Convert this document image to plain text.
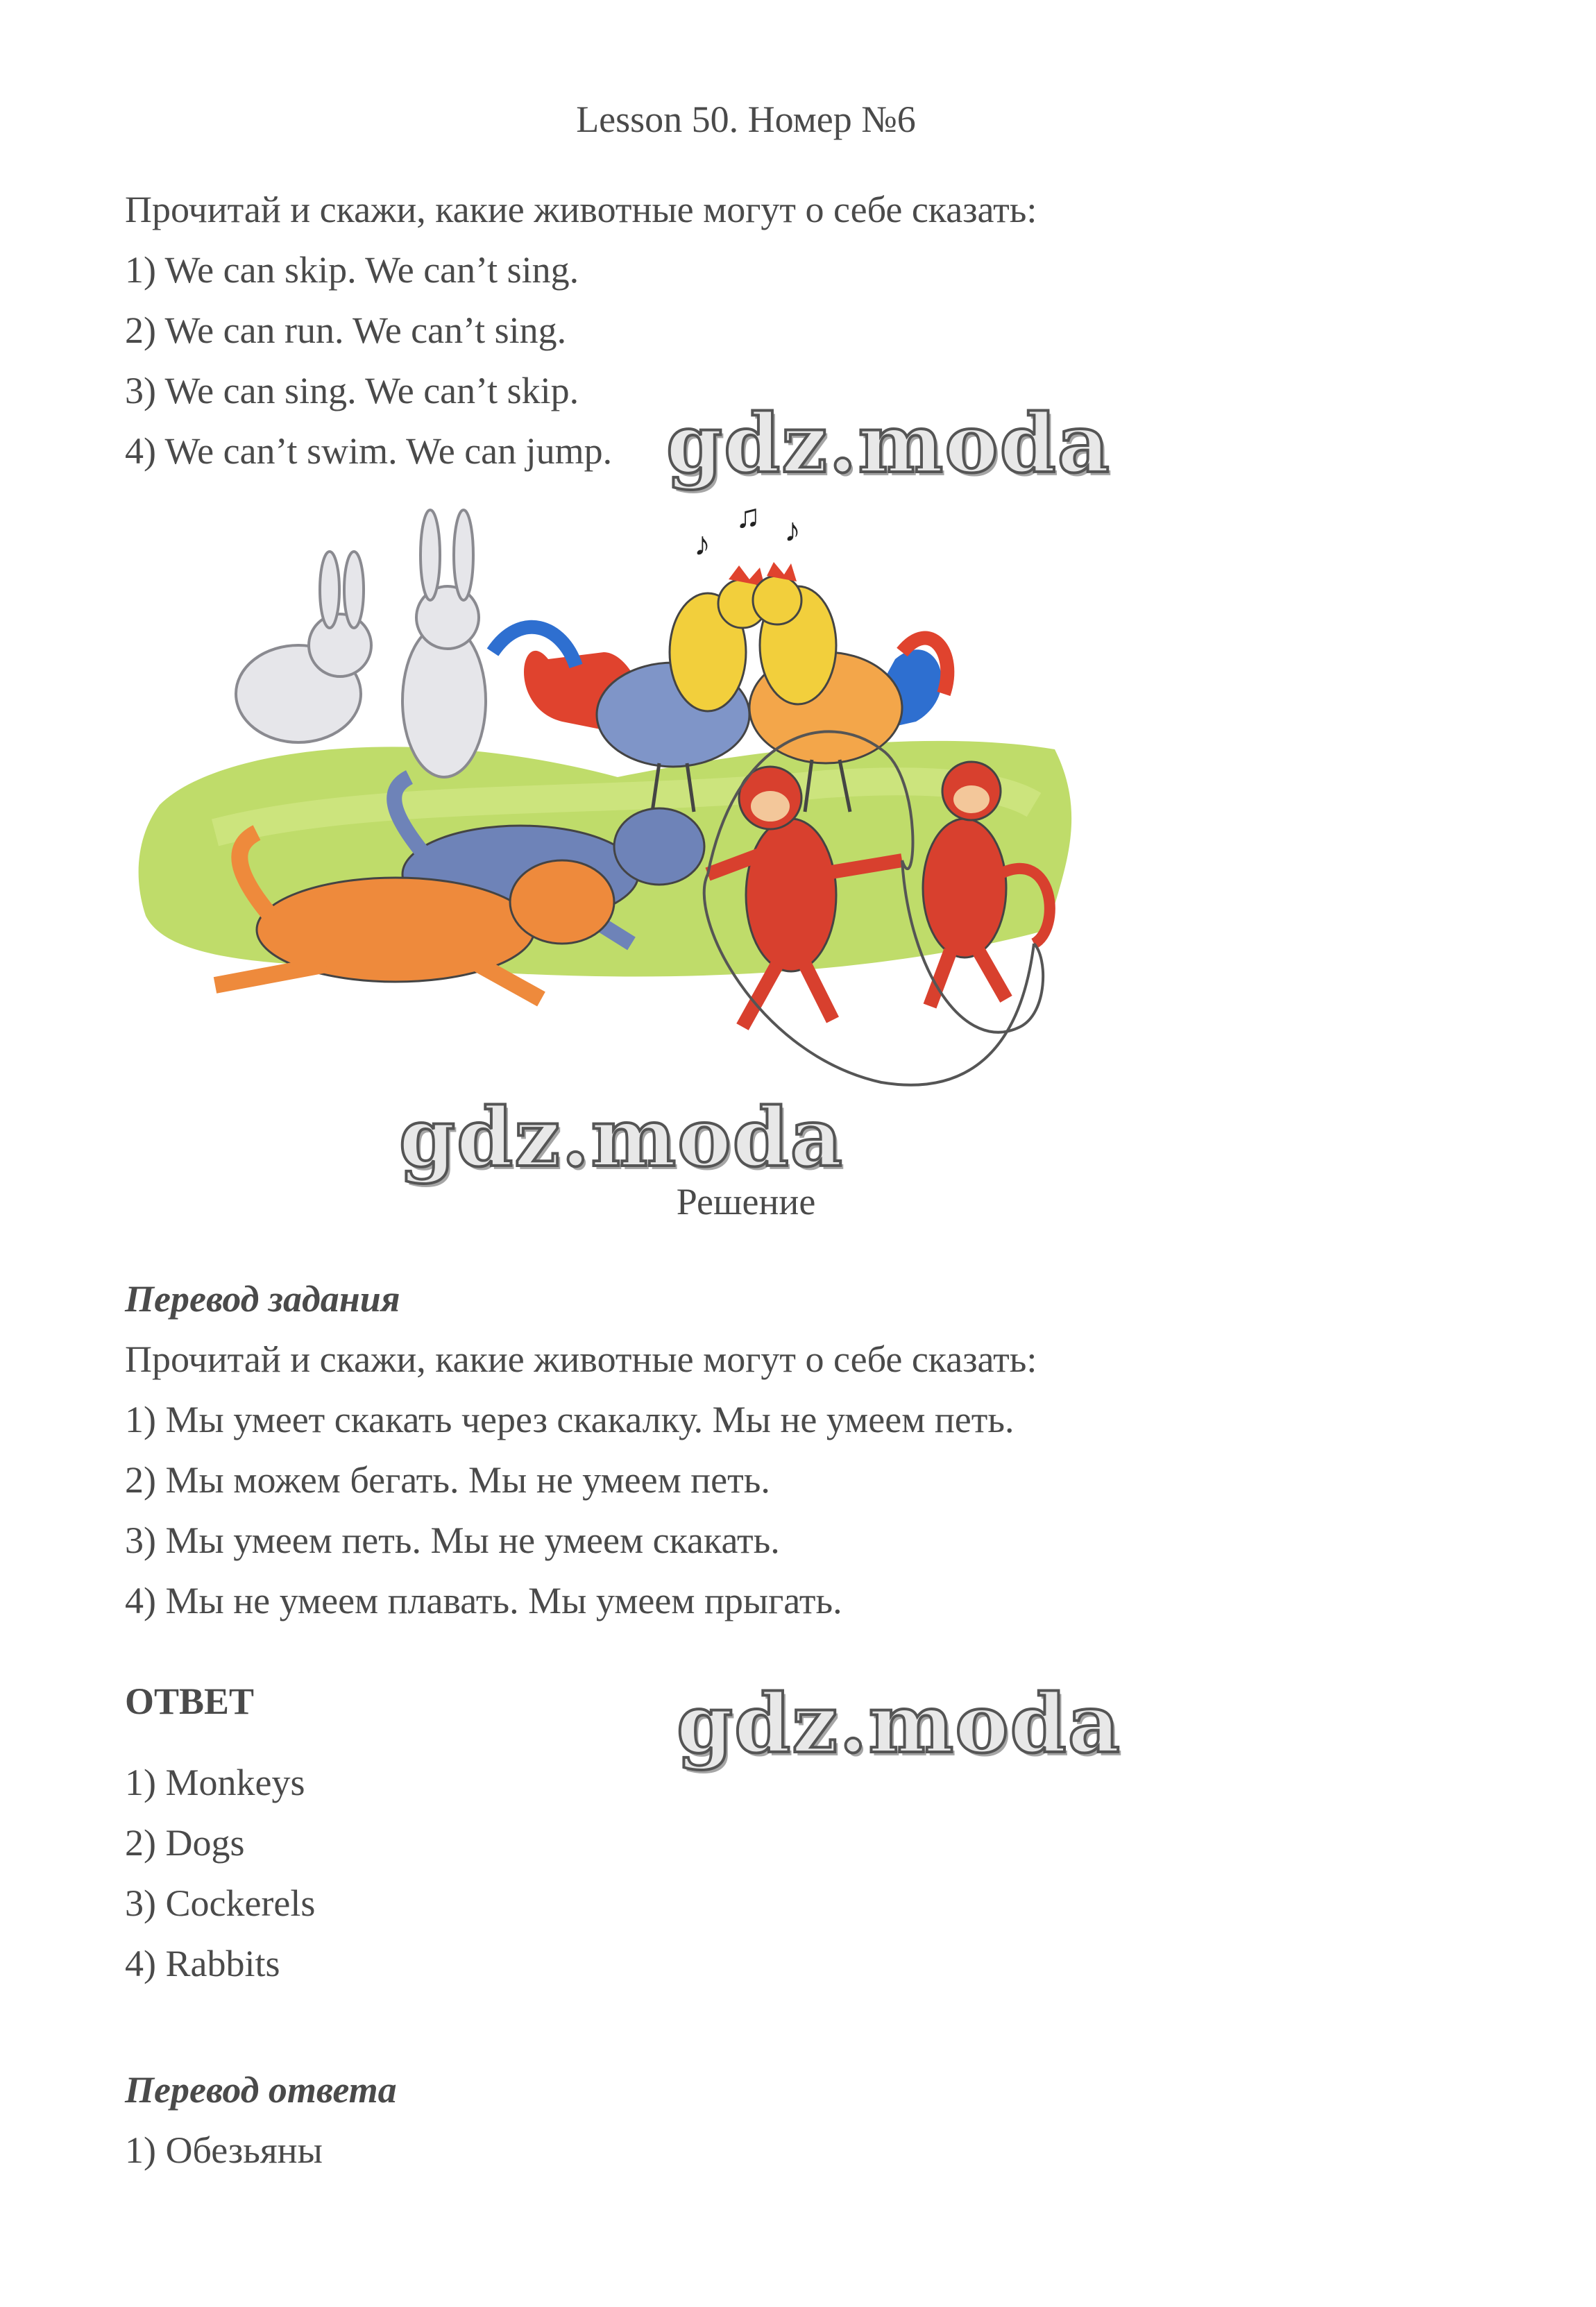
Lesson 50. Номер №6
Прочитай и скажи, какие животные могут о себе сказать:
1) We can skip. We can’t sing.
2) We can run. We can’t sing.
3) We can sing. We can’t skip.
4) We can’t swim. We can jump. gdz.moda
♪
♫ ♪
gdz.moda
Решение
Перевод задания
Прочитай и скажи, какие животные могут о себе сказать:
1) Мы умеет скакать через скакалку. Мы не умеем петь.
2) Мы можем бегать. Мы не умеем петь.
3) Мы умеем петь. Мы не умеем скакать.
4) Мы не умеем плавать. Мы умеем прыгать.
ОТВЕТ	gdz.moda
1) Monkeys
2) Dogs
3) Cockerels
4) Rabbits
Перевод ответа
1) Обезьяны
